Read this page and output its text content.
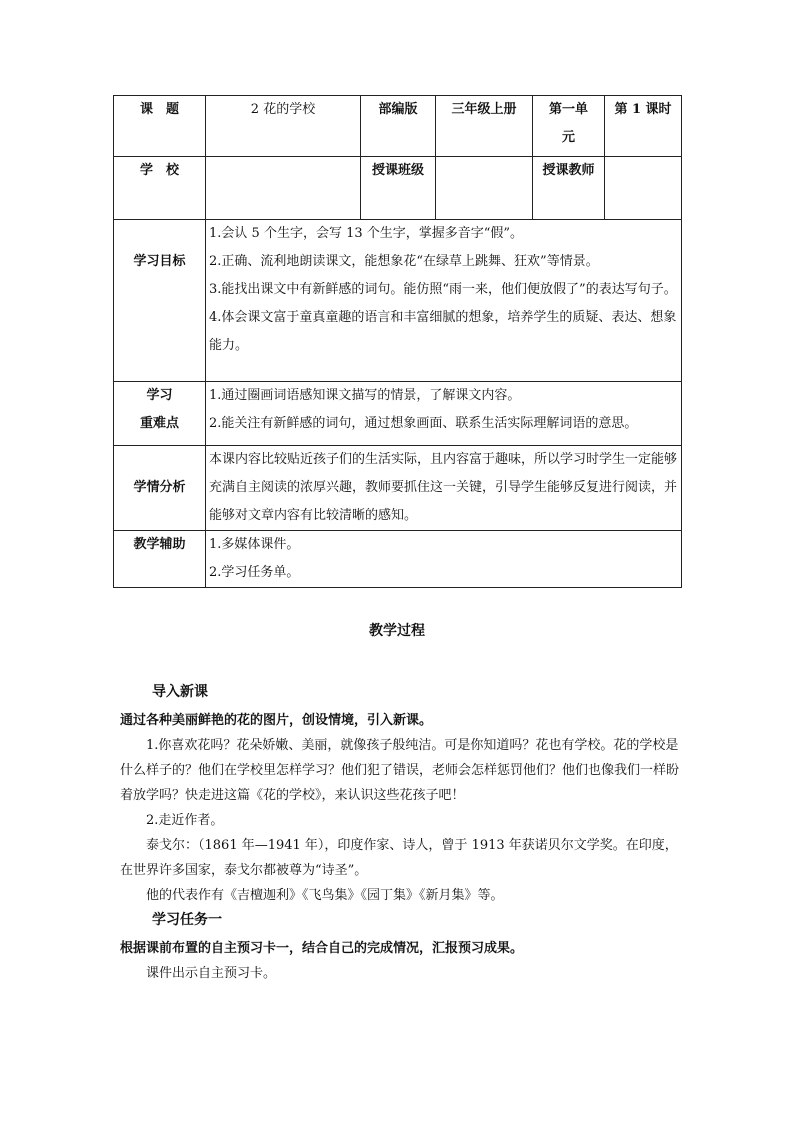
课　题	2 花的学校	部编版	三年级上册	第一单元	第 1 课时
学　校		授课班级		授课教师	
学习目标	1.会认 5 个生字，会写 13 个生字，掌握多音字“假”。
2.正确、流利地朗读课文，能想象花“在绿草上跳舞、狂欢”等情景。
3.能找出课文中有新鲜感的词句。能仿照“雨一来，他们便放假了”的表达写句子。
4.体会课文富于童真童趣的语言和丰富细腻的想象，培养学生的质疑、表达、想象能力。				

学习
重难点	1.通过圈画词语感知课文描写的情景，了解课文内容。
2.能关注有新鲜感的词句，通过想象画面、联系生活实际理解词语的意思。				

学情分析	本课内容比较贴近孩子们的生活实际，且内容富于趣味，所以学习时学生一定能够充满自主阅读的浓厚兴趣，教师要抓住这一关键，引导学生能够反复进行阅读，并能够对文章内容有比较清晰的感知。				
教学辅助	1.多媒体课件。
2.学习任务单。				
教学过程
导入新课
通过各种美丽鲜艳的花的图片，创设情境，引入新课。
1.你喜欢花吗？花朵娇嫩、美丽，就像孩子般纯洁。可是你知道吗？花也有学校。花的学校是什么样子的？他们在学校里怎样学习？他们犯了错误，老师会怎样惩罚他们？他们也像我们一样盼着放学吗？快走进这篇《花的学校》，来认识这些花孩子吧！
2.走近作者。
泰戈尔：（1861 年—1941 年），印度作家、诗人，曾于 1913 年获诺贝尔文学奖。在印度，在世界许多国家，泰戈尔都被尊为“诗圣”。
他的代表作有《吉檀迦利》《飞鸟集》《园丁集》《新月集》等。
学习任务一
根据课前布置的自主预习卡一，结合自己的完成情况，汇报预习成果。
课件出示自主预习卡。
